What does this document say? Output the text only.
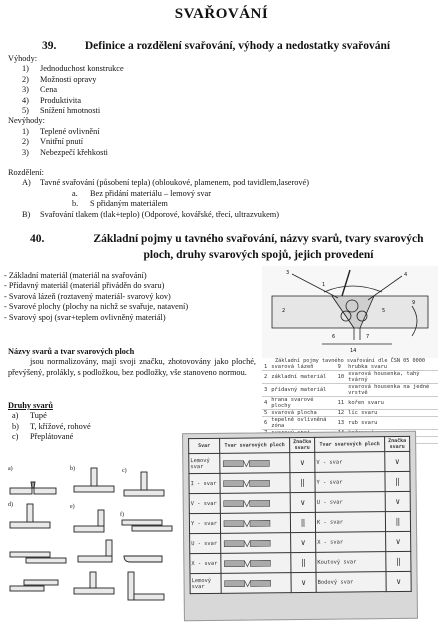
SVAŘOVÁNÍ
39. Definice a rozdělení svařování, výhody a nedostatky svařování
Výhody:
1) Jednoduchost konstrukce
2) Možnosti opravy
3) Cena
4) Produktivita
5) Snížení hmotnosti
Nevýhody:
1) Teplené ovlivnění
2) Vnitřní pnutí
3) Nebezpečí křehkosti
Rozdělení:
A) Tavné svařování (působení tepla) (obloukové, plamenem, pod tavidlem,laserové)
a. Bez přidání materiálu – lemový svar
b. S přidaným materiálem
B) Svařování tlakem (tlak+teplo) (Odporové, kovářské, třecí, ultrazvukem)
40.	Základní pojmy u tavného svařování, názvy svarů, tvary svarových ploch, druhy svarových spojů, jejich provedení
- Základní materiál (materiál na svařování)
- Přídavný materiál (materiál přiváděn do svaru)
- Svarová lázeň (roztavený materiál- svarový kov)
- Svarové plochy (plochy na nichž se svařuje, natavení)
- Svarový spoj (svar+teplem ovlivněný materiál)
Názvy svarů a tvar svarových ploch
jsou normalizovány, mají svoji značku, zhotovovány jako ploché, převýšený, prolákly, s podložkou, bez podložky, vše stanoveno normou.
Druhy svarů
a) Tupé
b) T, křížové, rohové
c) Přeplátované
3
1
4
2	5
9
14
6	7
Základní pojmy tavného svařování dle ČSN 05 0000
1	svarová lázeň	9	hrubka svaru
2	základní materiál	10	svarová housenka, tahý tvárný
3	přídavný materiál		svarová housenka na jedné vrstvě
4	hrana svarové plochy	11	kořen svaru
5	svarová plocha	12	líc svaru
6	tepelně ovlivněná zóna	13	rub svaru

Svar	Tvar svarových ploch	Značka svaru	Tvar svarových ploch	Značka svaru
Lemový svar		∨	V - svar	∨
I - svar		‖	Y - svar	‖
V - svar		∨	U - svar	∨
Y - svar		‖	K - svar	‖
U - svar		∨	X - svar	∨
X - svar		‖	Koutový svar	‖
Lemový svar		∨	Bodový svar	∨
a)	b)	c)
d)	e)
f)
